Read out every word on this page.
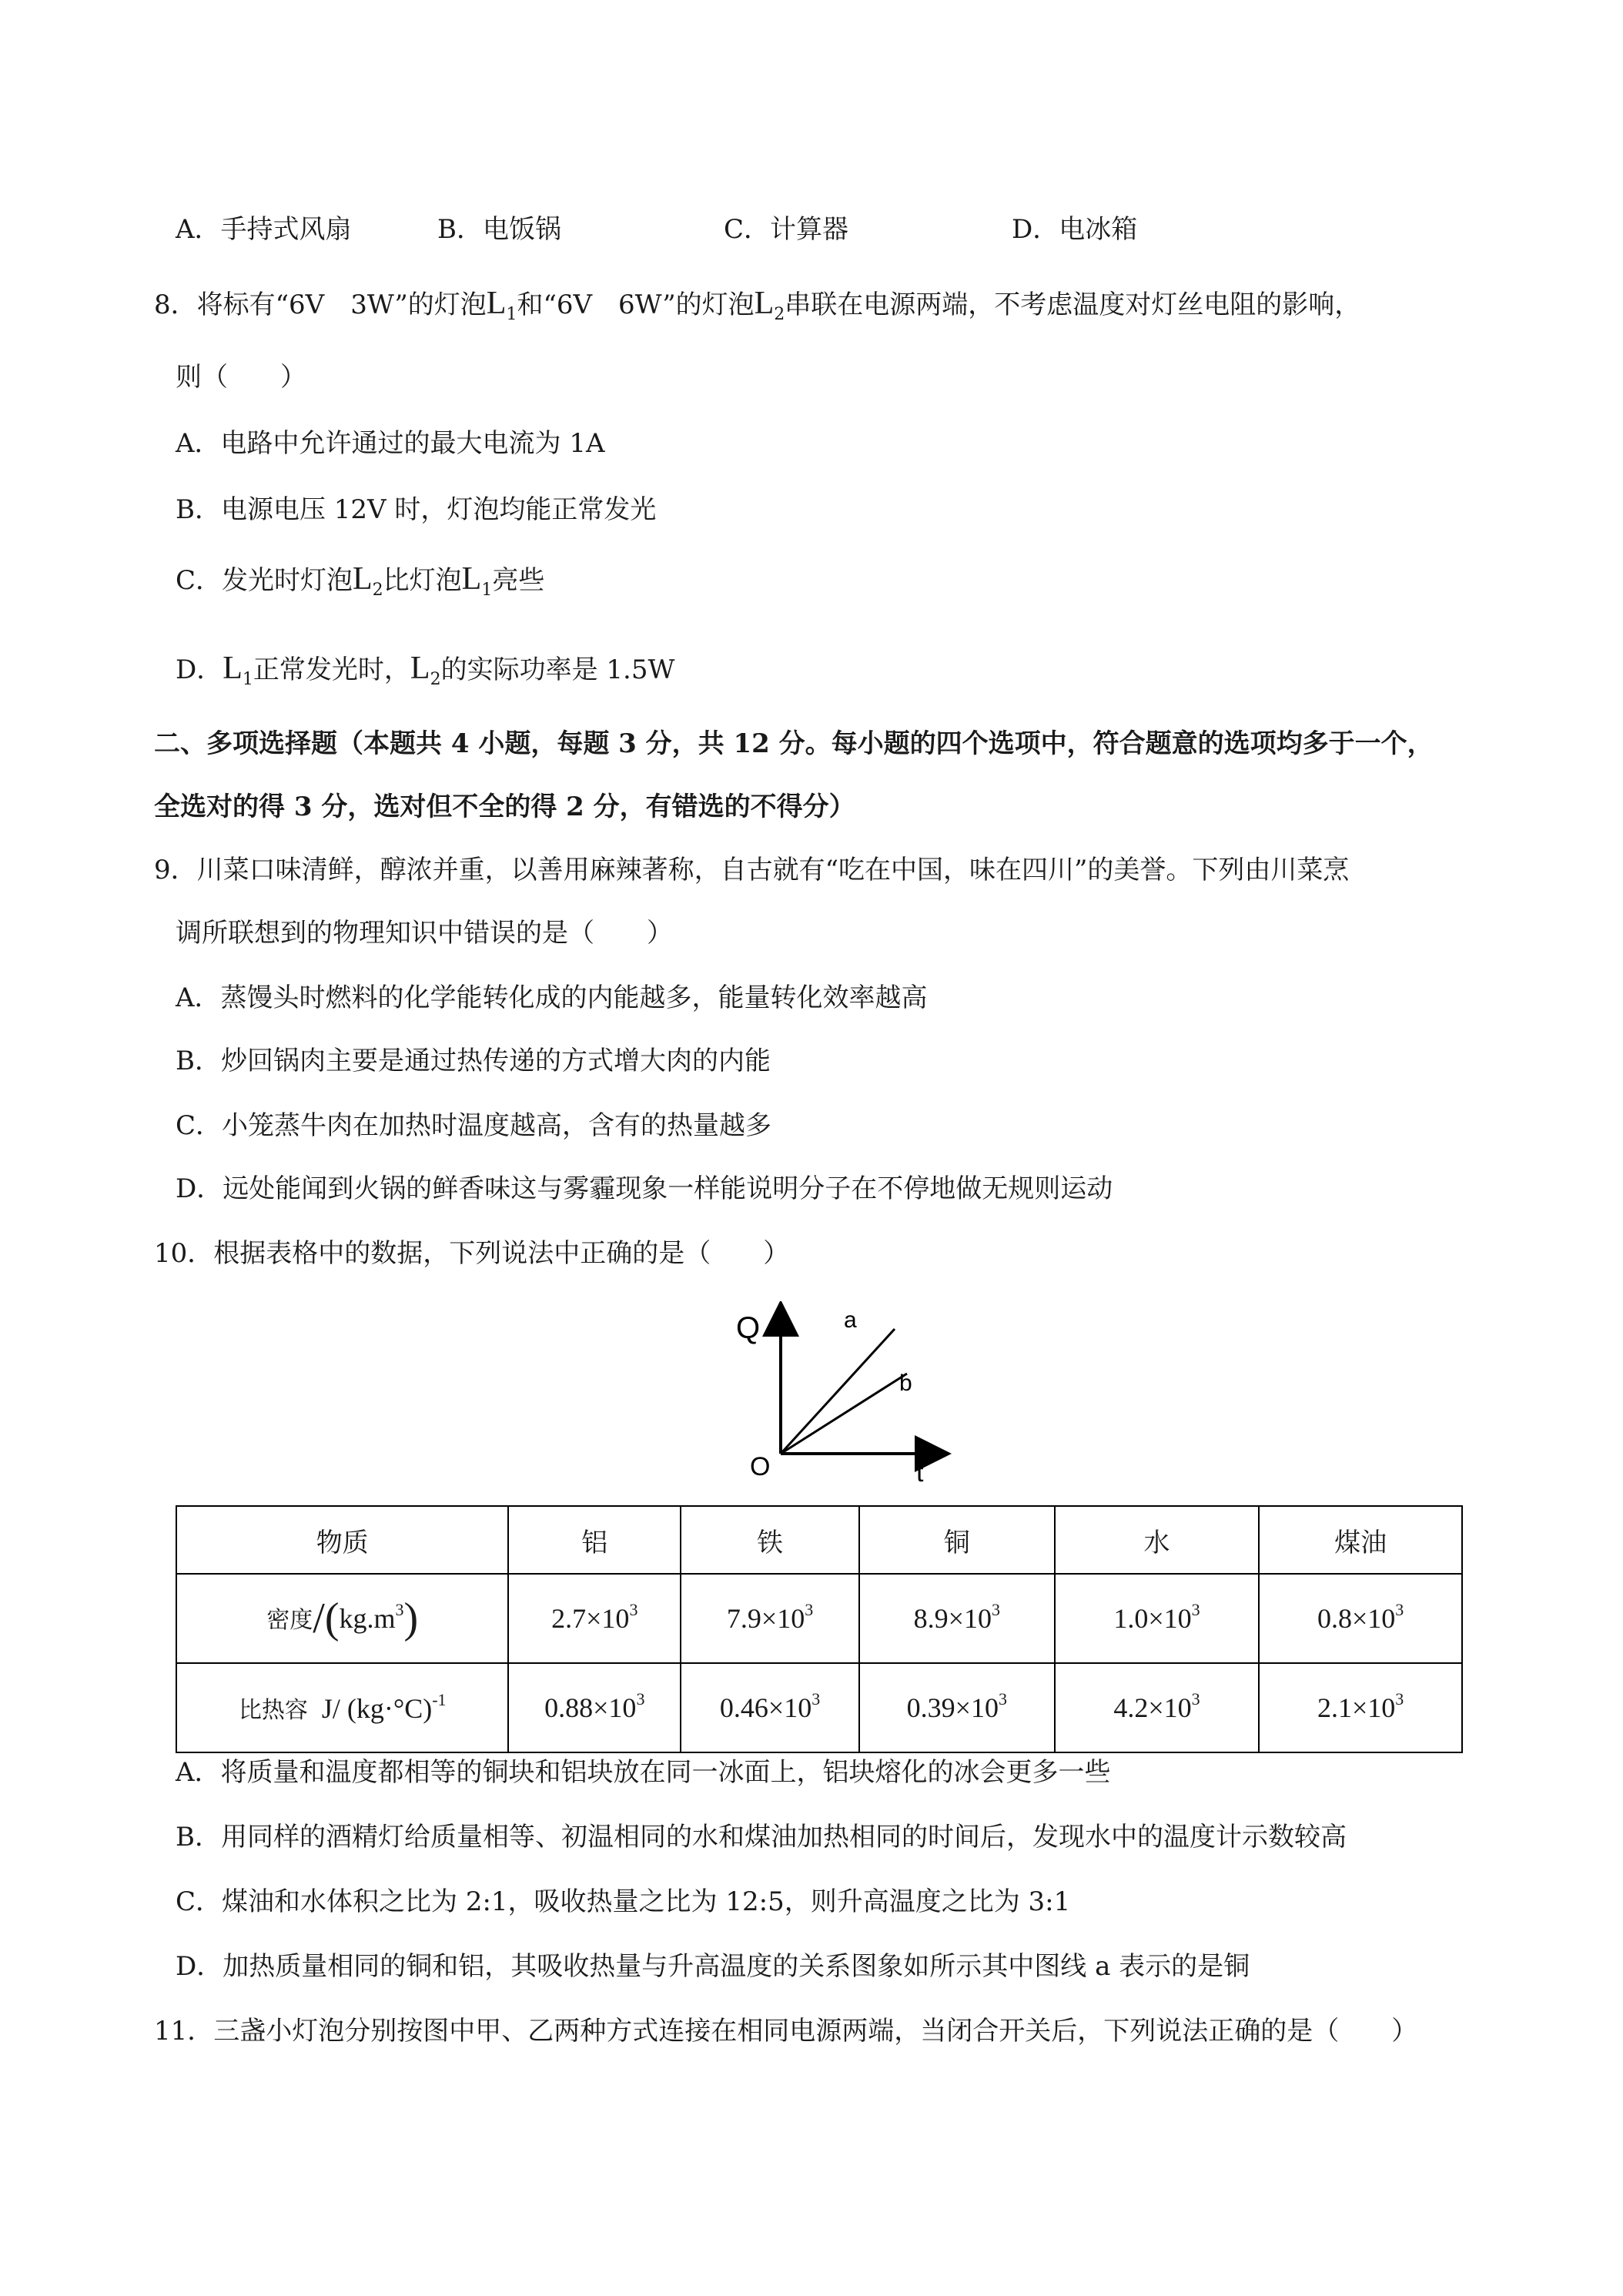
A．手持式风扇	B．电饭锅	C．计算器	D．电冰箱
8．将标有“6V　3W”的灯泡$L_1$和“6V　6W”的灯泡$L_2$串联在电源两端，不考虑温度对灯丝电阻的影响，
则（　　）
A．电路中允许通过的最大电流为 1A
B．电源电压 12V 时，灯泡均能正常发光
C．发光时灯泡$L_2$比灯泡$L_1$亮些
D．$L_1$正常发光时，$L_2$的实际功率是 1.5W
二、多项选择题（本题共 4 小题，每题 3 分，共 12 分。每小题的四个选项中，符合题意的选项均多于一个，
全选对的得 3 分，选对但不全的得 2 分，有错选的不得分）
9．川菜口味清鲜，醇浓并重，以善用麻辣著称，自古就有“吃在中国，味在四川”的美誉。下列由川菜烹
调所联想到的物理知识中错误的是（　　）
A．蒸馒头时燃料的化学能转化成的内能越多，能量转化效率越高
B．炒回锅肉主要是通过热传递的方式增大肉的内能
C．小笼蒸牛肉在加热时温度越高，含有的热量越多
D．远处能闻到火锅的鲜香味这与雾霾现象一样能说明分子在不停地做无规则运动
10．根据表格中的数据，下列说法中正确的是（　　）
Q
t
O
a
b
物质	铝	铁	铜	水	煤油
密度$/(kg.m^3)$	$2.7\times 10^3$	$7.9\times 10^3$	$8.9\times 10^3$	$1.0\times 10^3$	$0.8\times 10^3$
比热容 J/ $(kg\cdot^\circ C)^{-1}$	$0.88\times 10^3$	$0.46\times 10^3$	$0.39\times 10^3$	$4.2\times 10^3$	$2.1\times 10^3$
A．将质量和温度都相等的铜块和铝块放在同一冰面上，铝块熔化的冰会更多一些
B．用同样的酒精灯给质量相等、初温相同的水和煤油加热相同的时间后，发现水中的温度计示数较高
C．煤油和水体积之比为 2:1，吸收热量之比为 12:5，则升高温度之比为 3:1
D．加热质量相同的铜和铝，其吸收热量与升高温度的关系图象如所示其中图线 a 表示的是铜
11．三盏小灯泡分别按图中甲、乙两种方式连接在相同电源两端，当闭合开关后，下列说法正确的是（　　）
